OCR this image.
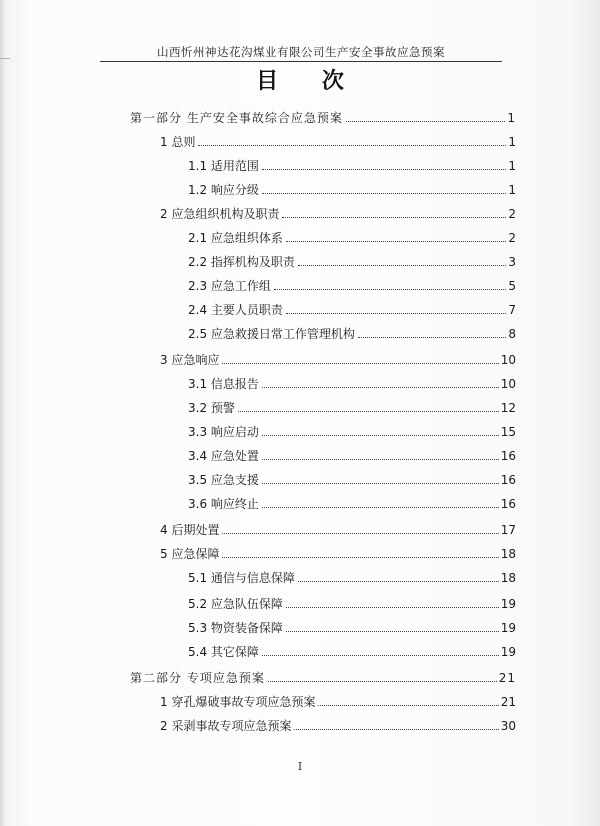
山西忻州神达花沟煤业有限公司生产安全事故应急预案
目 次
第一部分 生产安全事故综合应急预案	1
1 总则	1
1.1 适用范围	1
1.2 响应分级	1
2 应急组织机构及职责	2
2.1 应急组织体系	2
2.2 指挥机构及职责	3
2.3 应急工作组	5
2.4 主要人员职责	7
2.5 应急救援日常工作管理机构	8
3 应急响应	10
3.1 信息报告	10
3.2 预警	12
3.3 响应启动	15
3.4 应急处置	16
3.5 应急支援	16
3.6 响应终止	16
4 后期处置	17
5 应急保障	18
5.1 通信与信息保障	18
5.2 应急队伍保障	19
5.3 物资装备保障	19
5.4 其它保障	19
第二部分 专项应急预案	21
1 穿孔爆破事故专项应急预案	21
2 采剥事故专项应急预案	30
I
